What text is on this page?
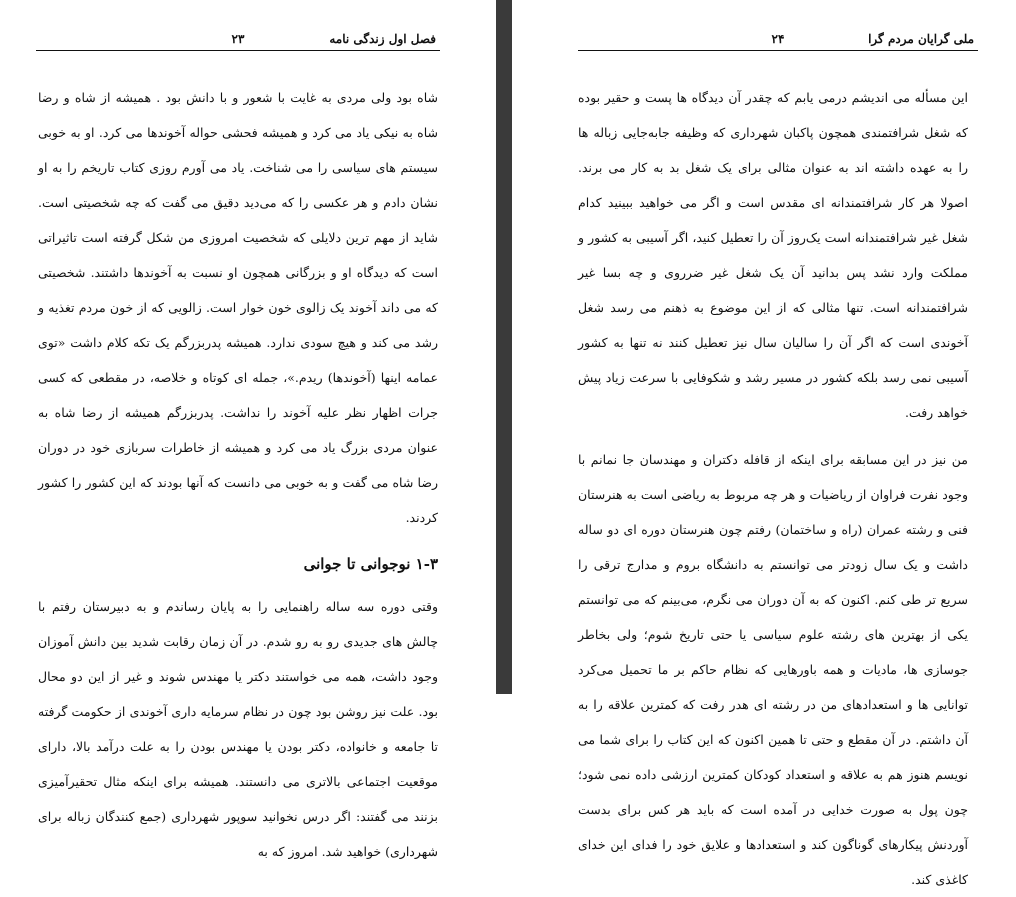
فصل اول زندگی نامه
۲۳

شاه بود ولی مردی به غایت با شعور و با دانش بود . همیشه از شاه و رضا شاه به نیکی یاد می کرد و همیشه فحشی حواله آخوندها می کرد. او به خوبی سیستم های سیاسی را می شناخت. یاد می آورم روزی کتاب تاریخم را به او نشان دادم و هر عکسی را که می‌دید دقیق می گفت که چه شخصیتی است. شاید از مهم ترین دلایلی که شخصیت امروزی من شکل گرفته است تاثیراتی است که دیدگاه او و بزرگانی همچون او نسبت به آخوندها داشتند. شخصیتی که می داند آخوند یک زالوی خون خوار است. زالویی که از خون مردم تغذیه و رشد می کند و هیچ سودی ندارد. همیشه پدربزرگم یک تکه کلام داشت «توی عمامه اینها (آخوندها) ریدم.»، جمله ای کوتاه و خلاصه، در مقطعی که کسی جرات اظهار نظر علیه آخوند را نداشت. پدربزرگم همیشه از رضا شاه به عنوان مردی بزرگ یاد می کرد و همیشه از خاطرات سربازی خود در دوران رضا شاه می گفت و به خوبی می دانست که آنها بودند که این کشور را کشور کردند.

۱-۳ نوجوانی تا جوانی

وقتی دوره سه ساله راهنمایی را به پایان رساندم و به دبیرستان رفتم با چالش های جدیدی رو به رو شدم. در آن زمان رقابت شدید بین دانش آموزان وجود داشت، همه می خواستند دکتر یا مهندس شوند و غیر از این دو محال بود. علت نیز روشن بود چون در نظام سرمایه داری آخوندی از حکومت گرفته تا جامعه و خانواده، دکتر بودن یا مهندس بودن را به علت در‌آمد بالا، دارای موقعیت اجتماعی بالاتری می دانستند. همیشه برای اینکه مثال تحقیرآمیزی بزنند می گفتند: اگر درس نخوانید سوپور شهرداری (جمع کنندگان زباله برای شهرداری) خواهید شد. امروز که به

ملی گرایان مردم گرا
۲۴

این مسأله می اندیشم درمی یابم که چقدر آن دیدگاه ها پست و حقیر بوده که شغل شرافتمندی همچون پاکبان شهرداری که وظیفه جابه‌جایی زباله ها را به عهده داشته اند به عنوان مثالی برای یک شغل بد به کار می برند. اصولا هر کار شرافتمندانه ای مقدس است و اگر می خواهید ببینید کدام شغل غیر شرافتمندانه است یک‌روز آن را تعطیل کنید، اگر آسیبی به کشور و مملکت وارد نشد پس بدانید آن یک شغل غیر ضرروی و چه بسا غیر شرافتمندانه است. تنها مثالی که از این موضوع به ذهنم می رسد شغل آخوندی است که اگر آن را سالیان سال نیز تعطیل کنند نه تنها به کشور آسیبی نمی رسد بلکه کشور در مسیر رشد و شکوفایی با سرعت زیاد پیش خواهد رفت.

من نیز در این مسابقه برای اینکه از قافله دکتران و مهندسان جا نمانم با وجود نفرت فراوان از ریاضیات و هر چه مربوط به ریاضی است به هنرستان فنی و رشته عمران (راه و ساختمان) رفتم چون هنرستان دوره ای دو ساله داشت و یک سال زودتر می توانستم به دانشگاه بروم و مدارج ترقی را سریع تر طی کنم. اکنون که به آن دوران می نگرم، می‌بینم که می توانستم یکی از بهترین های رشته علوم سیاسی یا حتی تاریخ شوم؛ ولی بخاطر جوسازی ها، مادیات و همه باورهایی که نظام حاکم بر ما تحمیل می‌کرد توانایی ها و استعدادهای من در رشته ای هدر رفت که کمترین علاقه را به آن داشتم. در آن مقطع و حتی تا همین اکنون که این کتاب را برای شما می نویسم هنوز هم به علاقه و استعداد کودکان کمترین ارزشی داده نمی شود؛ چون پول به صورت خدایی در آمده است که باید هر کس برای بدست آوردنش پیکارهای گوناگون کند و استعدادها و علایق خود را فدای این خدای کاغذی کند.
